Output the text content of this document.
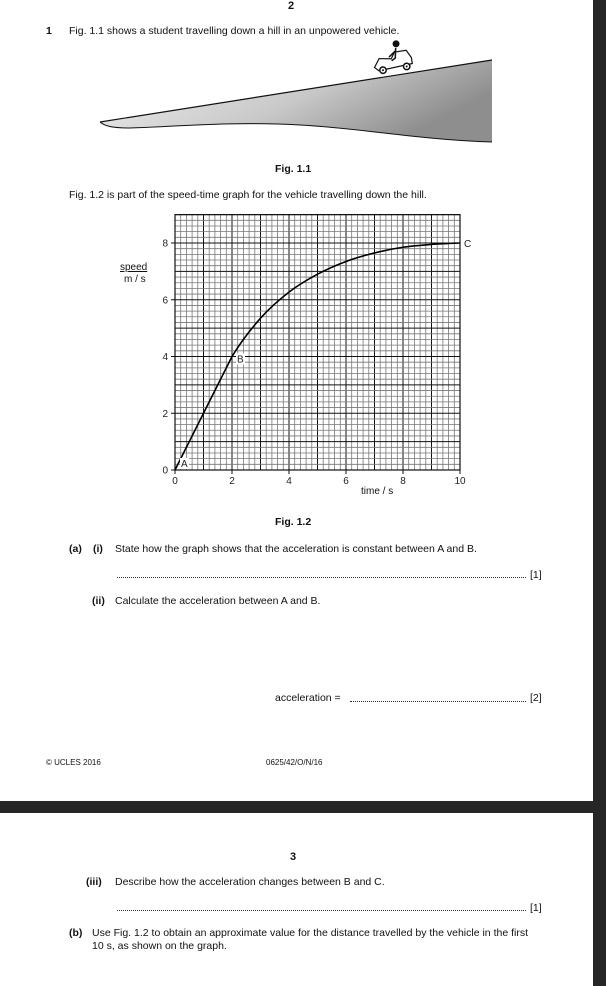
2
1 Fig. 1.1 shows a student travelling down a hill in an unpowered vehicle.
Fig. 1.1
Fig. 1.2 is part of the speed-time graph for the vehicle travelling down the hill.
0
2
4
6
8
0	2	4	6	8	10
A
B
C
speed
m / s
time / s
Fig. 1.2
(a) (i) State how the graph shows that the acceleration is constant between A and B.
[1]
(ii) Calculate the acceleration between A and B.
acceleration =	[2]
© UCLES 2016	0625/42/O/N/16
3
(iii) Describe how the acceleration changes between B and C.
[1]
(b) Use Fig. 1.2 to obtain an approximate value for the distance travelled by the vehicle in the first
10 s, as shown on the graph.
